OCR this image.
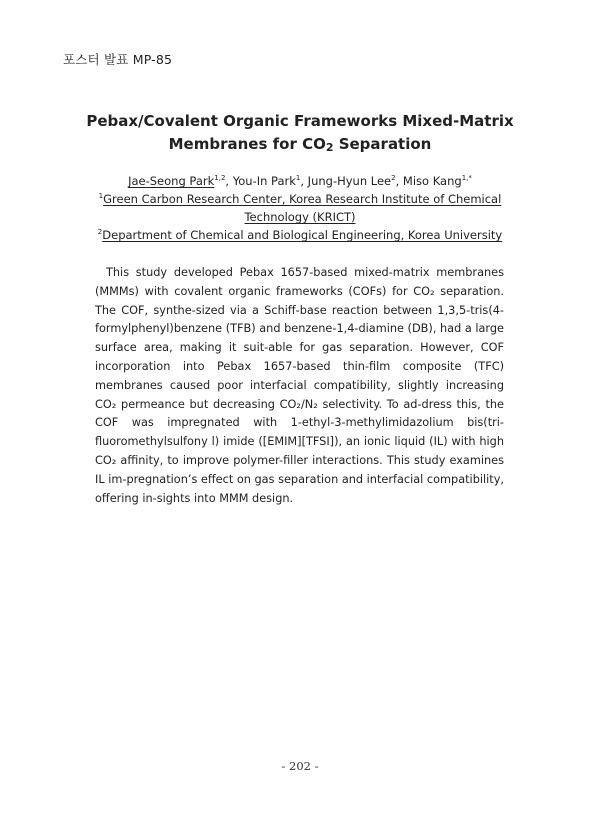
포스터 발표 MP-85
Pebax/Covalent Organic Frameworks Mixed-Matrix
Membranes for CO2 Separation
Jae-Seong Park$^{1,2}$, You-In Park$^1$, Jung-Hyun Lee$^2$, Miso Kang$^{1,*}$
$^1$Green Carbon Research Center, Korea Research Institute of Chemical
Technology (KRICT)
$^2$Department of Chemical and Biological Engineering, Korea University
This study developed Pebax 1657-based mixed-matrix membranes (MMMs) with covalent organic frameworks (COFs) for CO₂ separation. The COF, synthe-sized via a Schiff-base reaction between 1,3,5-tris(4-formylphenyl)benzene (TFB) and benzene-1,4-diamine (DB), had a large surface area, making it suit-able for gas separation. However, COF incorporation into Pebax 1657-based thin-film composite (TFC) membranes caused poor interfacial compatibility, slightly increasing CO₂ permeance but decreasing CO₂/N₂ selectivity. To ad-dress this, the COF was impregnated with 1-ethyl-3-methylimidazolium bis(tri-fluoromethylsulfony l) imide ([EMIM][TFSI]), an ionic liquid (IL) with high CO₂ affinity, to improve polymer-filler interactions. This study examines IL im-pregnation’s effect on gas separation and interfacial compatibility, offering in-sights into MMM design.
- 202 -
